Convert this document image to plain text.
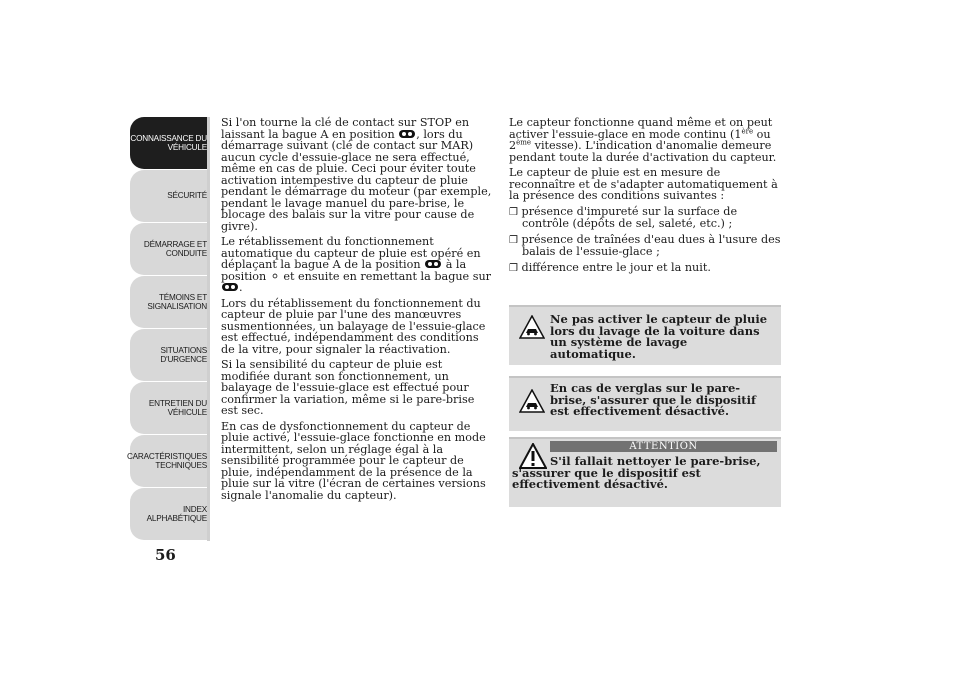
CONNAISSANCE DU
VÉHICULE
SÉCURITÉ
DÉMARRAGE ET
CONDUITE
TÉMOINS ET
SIGNALISATION
SITUATIONS
D'URGENCE
ENTRETIEN DU
VÉHICULE
CARACTÉRISTIQUES
TECHNIQUES
INDEX
ALPHABÉTIQUE
56

Si l'on tourne la clé de contact sur STOP en laissant la bague A en position , lors du démarrage suivant (clé de contact sur MAR) aucun cycle d'essuie-glace ne sera effectué, même en cas de pluie. Ceci pour éviter toute activation intempestive du capteur de pluie pendant le démarrage du moteur (par exemple, pendant le lavage manuel du pare-brise, le blocage des balais sur la vitre pour cause de givre).

Le rétablissement du fonctionnement automatique du capteur de pluie est opéré en déplaçant la bague A de la position à la position et ensuite en remettant la bague sur .

Lors du rétablissement du fonctionnement du capteur de pluie par l'une des manœuvres susmentionnées, un balayage de l'essuie-glace est effectué, indépendamment des conditions de la vitre, pour signaler la réactivation.

Si la sensibilité du capteur de pluie est modifiée durant son fonctionnement, un balayage de l'essuie-glace est effectué pour confirmer la variation, même si le pare-brise est sec.

En cas de dysfonctionnement du capteur de pluie activé, l'essuie-glace fonctionne en mode intermittent, selon un réglage égal à la sensibilité programmée pour le capteur de pluie, indépendamment de la présence de la pluie sur la vitre (l'écran de certaines versions signale l'anomalie du capteur).

Le capteur fonctionne quand même et on peut activer l'essuie-glace en mode continu (1ère ou 2ème vitesse). L'indication d'anomalie demeure pendant toute la durée d'activation du capteur.

Le capteur de pluie est en mesure de reconnaître et de s'adapter automatiquement à la présence des conditions suivantes :

❒ présence d'impureté sur la surface de contrôle (dépôts de sel, saleté, etc.) ;
❒ présence de traînées d'eau dues à l'usure des balais de l'essuie-glace ;
❒ différence entre le jour et la nuit.
Ne pas activer le capteur de pluie lors du lavage de la voiture dans un système de lavage automatique.
En cas de verglas sur le pare-brise, s'assurer que le dispositif est effectivement désactivé.
ATTENTION
S'il fallait nettoyer le pare-brise, s'assurer que le dispositif est effectivement désactivé.
